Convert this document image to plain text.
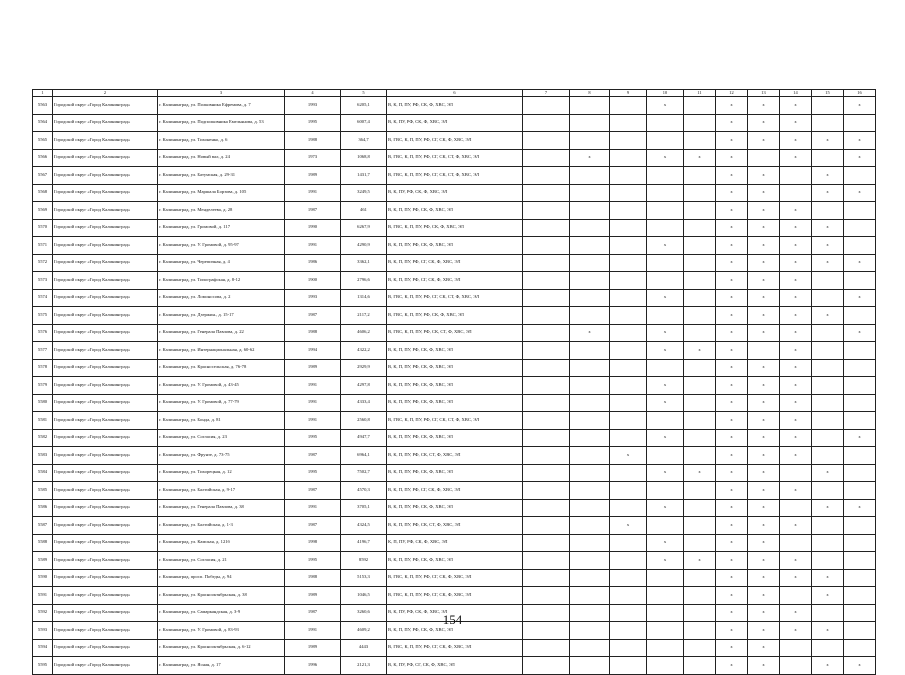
1	2	3	4	5	6	7	8	9	10	11	12	13	14	15	16
5563	Городской округ «Город Калининград»	г. Калининград, ул. Полковника Ефремова, д. 7	1993	6205,1	В, К, П, ПУ, РФ, СК, Ф, ХВС, ЭЛ				x		x	x	x		x
5564	Городской округ «Город Калининград»	г. Калининград, ул. Подполковника Емельянова, д. 53	1995	6007,4	В, К, ПУ, РФ, СК, Ф, ХВС, ЭЛ						x	x	x		
5565	Городской округ «Город Калининград»	г. Калининград, ул. Тихоненко, д. 6	1988	364,7	В, ГВС, К, П, ПУ, РФ, СГ, СК, Ф, ХВС, ЭЛ						x	x	x	x	x
5566	Городской округ «Город Калининград»	г. Калининград, ул. Новый вал, д. 24	1973	1068,8	В, ГВС, К, П, ПУ, РФ, СГ, СК, СТ, Ф, ХВС, ЭЛ		x		x	x	x		x		x
5567	Городской округ «Город Калининград»	г. Калининград, ул. Батумская, д. 29-31	1989	1431,7	В, ГВС, К, П, ПУ, РФ, СГ, СК, СТ, Ф, ХВС, ЭЛ						x	x		x	
5568	Городской округ «Город Калининград»	г. Калининград, ул. Маршала Борзова, д. 105	1991	3249,5	В, К, ПУ, РФ, СК, Ф, ХВС, ЭЛ						x	x		x	x
5569	Городской округ «Город Калининград»	г. Калининград, ул. Менделеева, д. 28	1987	461	В, К, П, ПУ, РФ, СК, Ф, ХВС, ЭЛ						x	x	x		
5570	Городской округ «Город Калининград»	г. Калининград, ул. Громовой, д. 117	1990	6267,9	В, ГВС, К, П, ПУ, РФ, СК, Ф, ХВС, ЭЛ						x	x	x	x	
5571	Городской округ «Город Калининград»	г. Калининград, ул. У. Громовой, д. 95-97	1991	4290,9	В, К, П, ПУ, РФ, СК, Ф, ХВС, ЭЛ				x		x	x	x	x	
5572	Городской округ «Город Калининград»	г. Калининград, ул. Черепичная, д. 4	1986	3362,1	В, К, П, ПУ, РФ, СГ, СК, Ф, ХВС, ЭЛ						x	x	x	x	x
5573	Городской округ «Город Калининград»	г. Калининград, ул. Типографская, д. 8-12	1900	2796,6	В, К, П, ПУ, РФ, СГ, СК, Ф, ХВС, ЭЛ						x	x	x		
5574	Городской округ «Город Калининград»	г. Калининград, ул. Ломоносова, д. 2	1993	1314,6	В, ГВС, К, П, ПУ, РФ, СГ, СК, СТ, Ф, ХВС, ЭЛ				x		x	x	x		x
5575	Городской округ «Город Калининград»	г. Калининград, ул. Дзержин., д. 15-17	1987	2117,2	В, ГВС, К, П, ПУ, РФ, СК, Ф, ХВС, ЭЛ						x	x	x	x	
5576	Городской округ «Город Калининград»	г. Калининград, ул. Генерала Павлова, д. 22	1988	4606,2	В, ГВС, К, П, ПУ, РФ, СК, СТ, Ф, ХВС, ЭЛ		x		x		x	x	x		x
5577	Городской округ «Город Калининград»	г. Калининград, ул. Интернациональная, д. 60-62	1994	4322,2	В, К, П, ПУ, РФ, СК, Ф, ХВС, ЭЛ				x	x	x		x		
5578	Городской округ «Город Калининград»	г. Калининград, ул. Красносельская, д. 76-78	1989	2929,9	В, К, П, ПУ, РФ, СК, Ф, ХВС, ЭЛ						x	x	x		
5579	Городской округ «Город Калининград»	г. Калининград, ул. У. Громовой, д. 43-45	1991	4297,8	В, К, П, ПУ, РФ, СК, Ф, ХВС, ЭЛ				x		x	x	x		
5580	Городской округ «Город Калининград»	г. Калининград, ул. У. Громовой, д. 77-79	1991	4333,4	В, К, П, ПУ, РФ, СК, Ф, ХВС, ЭЛ				x		x	x	x		
5581	Городской округ «Город Калининград»	г. Калининград, ул. Бонда, д. 81	1991	2560,8	В, ГВС, К, П, ПУ, РФ, СГ, СК, СТ, Ф, ХВС, ЭЛ						x	x	x		
5582	Городской округ «Город Калининград»	г. Калининград, ул. Согласия, д. 23	1995	4947,7	В, К, П, ПУ, РФ, СК, Ф, ХВС, ЭЛ				x		x	x	x		x
5583	Городской округ «Город Калининград»	г. Калининград, ул. Фрунзе, д. 73-75	1987	6964,1	В, К, П, ПУ, РФ, СК, СТ, Ф, ХВС, ЭЛ			x			x	x	x		
5584	Городской округ «Город Калининград»	г. Калининград, ул. Тихорецкая, д. 12	1995	7502,7	В, К, П, ПУ, РФ, СК, Ф, ХВС, ЭЛ				x	x	x	x		x	
5585	Городской округ «Город Калининград»	г. Калининград, ул. Балтийская, д. 9-17	1987	4570,3	В, К, П, ПУ, РФ, СГ, СК, Ф, ХВС, ЭЛ						x	x	x		
5586	Городской округ «Город Калининград»	г. Калининград, ул. Генерала Павлова, д. 38	1991	3705,1	В, К, П, ПУ, РФ, СК, Ф, ХВС, ЭЛ				x		x	x		x	x
5587	Городской округ «Город Калининград»	г. Калининград, ул. Балтийская, д. 1-3	1987	4324,5	В, К, П, ПУ, РФ, СК, СТ, Ф, ХВС, ЭЛ			x			x	x	x		
5588	Городской округ «Город Калининград»	г. Калининград, ул. Камская, д. 121б	1998	4196,7	К, П, ПУ, РФ, СК, Ф, ХВС, ЭЛ				x		x	x			
5589	Городской округ «Город Калининград»	г. Калининград, ул. Согласия, д. 21	1995	8592	В, К, П, ПУ, РФ, СК, Ф, ХВС, ЭЛ				x	x	x	x	x		
5590	Городской округ «Город Калининград»	г. Калининград, просп. Победы, д. 94	1988	5153,3	В, ГВС, К, П, ПУ, РФ, СГ, СК, Ф, ХВС, ЭЛ						x	x	x	x	
5591	Городской округ «Город Калининград»	г. Калининград, ул. Краснооктябрьская, д. 38	1989	1046,5	В, ГВС, К, П, ПУ, РФ, СГ, СК, Ф, ХВС, ЭЛ						x	x		x	
5592	Городской округ «Город Калининград»	г. Калининград, ул. Самаркандская, д. 3-9	1987	3260,6	В, К, ПУ, РФ, СК, Ф, ХВС, ЭЛ						x	x	x		
5593	Городской округ «Город Калининград»	г. Калининград, ул. У. Громовой, д. 83-93	1991	4609,2	В, К, П, ПУ, РФ, СК, Ф, ХВС, ЭЛ						x	x	x	x	
5594	Городской округ «Город Калининград»	г. Калининград, ул. Краснооктябрьская, д. 6-12	1989	4443	В, ГВС, К, П, ПУ, РФ, СГ, СК, Ф, ХВС, ЭЛ						x	x			
5595	Городской округ «Город Калининград»	г. Калининград, ул. Ясная, д. 17	1996	2121,3	В, К, ПУ, РФ, СГ, СК, Ф, ХВС, ЭЛ						x	x		x	x
154
